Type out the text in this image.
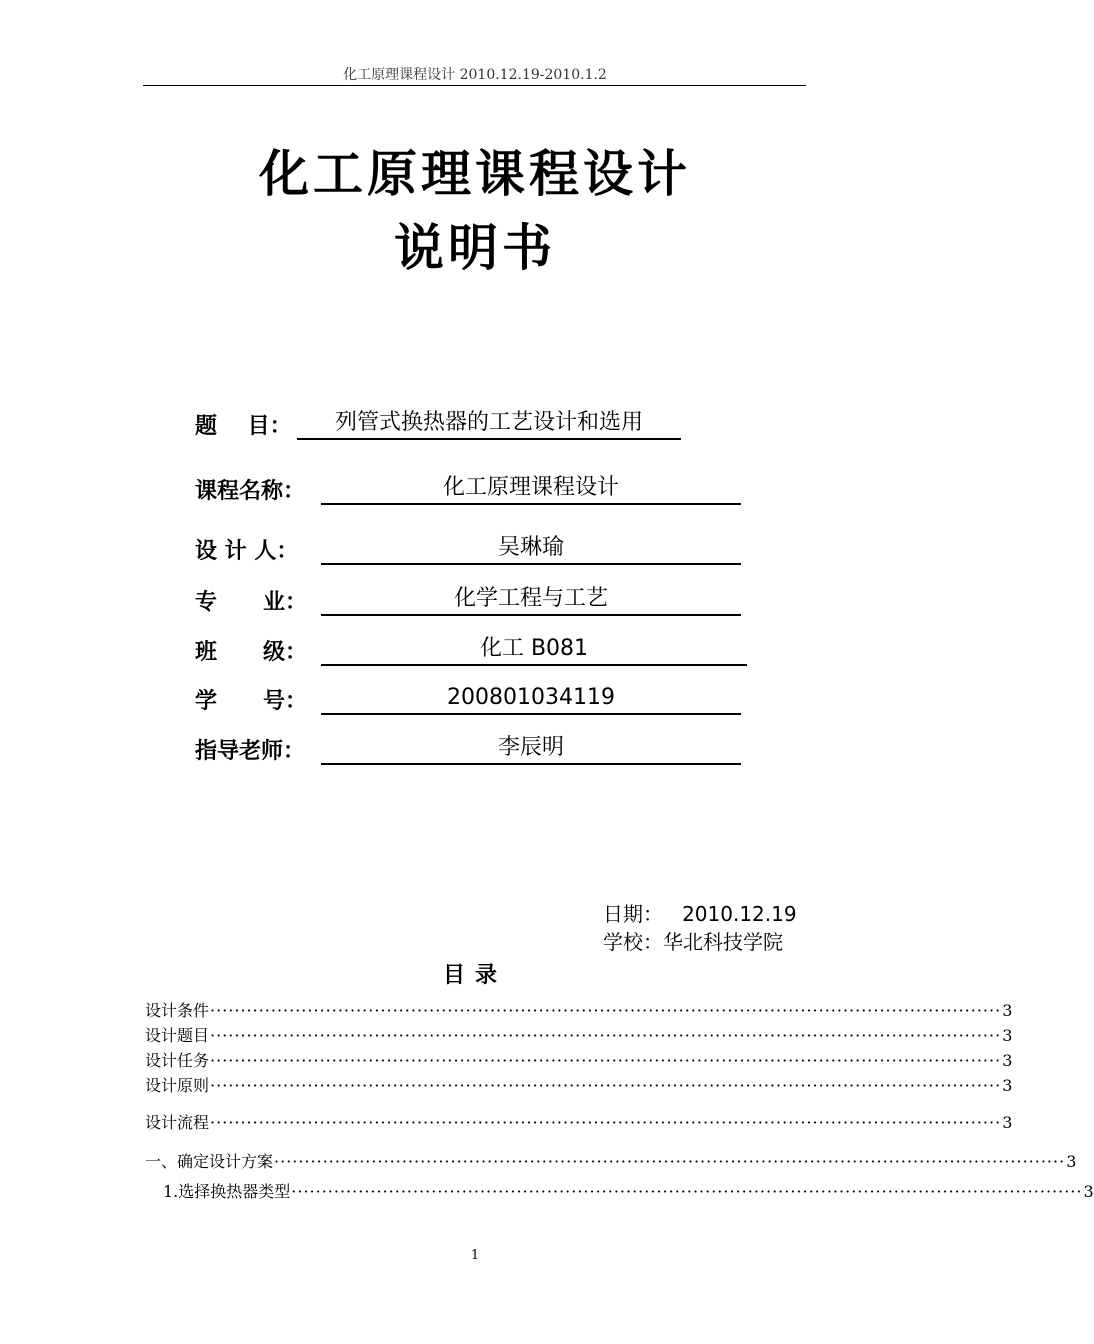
化工原理课程设计 2010.12.19-2010.1.2
化工原理课程设计
说明书
题    目：	列管式换热器的工艺设计和选用
课程名称：	化工原理课程设计
设 计 人：	吴琳瑜
专      业：	化学工程与工艺
班      级：	化工 B081
学      号：	200801034119
指导老师：	李辰明
日期：   2010.12.19
学校：华北科技学院
目录
设计条件 ·································································································································· 3
设计题目 ·································································································································· 3
设计任务 ·································································································································· 3
设计原则 ·································································································································· 3
设计流程 ·································································································································· 3
一、确定设计方案 ·································································································································· 3
1.选择换热器类型 ·································································································································· 3
1
